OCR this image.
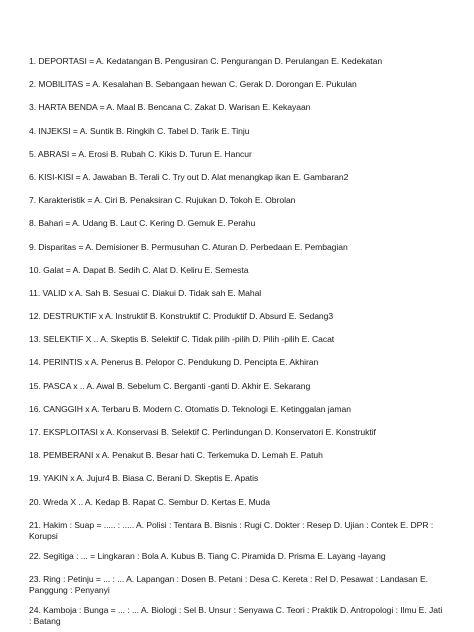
1. DEPORTASI = A. Kedatangan B. Pengusiran C. Pengurangan D. Perulangan E. Kedekatan
2. MOBILITAS = A. Kesalahan B. Sebangaan hewan C. Gerak D. Dorongan E. Pukulan
3. HARTA BENDA = A. Maal B. Bencana C. Zakat D. Warisan E. Kekayaan
4. INJEKSI = A. Suntik B. Ringkih C. Tabel D. Tarik E. Tinju
5. ABRASI = A. Erosi B. Rubah C. Kikis D. Turun E. Hancur
6. KISI-KISI = A. Jawaban B. Terali C. Try out D. Alat menangkap ikan E. Gambaran2
7. Karakteristik = A. Ciri B. Penaksiran C. Rujukan D. Tokoh E. Obrolan
8. Bahari = A. Udang B. Laut C. Kering D. Gemuk E. Perahu
9. Disparitas = A. Demisioner B. Permusuhan C. Aturan D. Perbedaan E. Pembagian
10. Galat = A. Dapat B. Sedih C. Alat D. Keliru E. Semesta
11. VALID x A. Sah B. Sesuai C. Diakui D. Tidak sah E. Mahal
12. DESTRUKTIF x A. Instruktif B. Konstruktif C. Produktif D. Absurd E. Sedang3
13. SELEKTIF X .. A. Skeptis B. Selektif C. Tidak pilih -pilih D. Pilih -pilih E. Cacat
14. PERINTIS x A. Penerus B. Pelopor C. Pendukung D. Pencipta E. Akhiran
15. PASCA x .. A. Awal B. Sebelum C. Berganti -ganti D. Akhir E. Sekarang
16. CANGGIH x A. Terbaru B. Modern C. Otomatis D. Teknologi E. Ketinggalan jaman
17. EKSPLOITASI x A. Konservasi B. Selektif C. Perlindungan D. Konservatori E. Konstruktif
18. PEMBERANI x A. Penakut B. Besar hati C. Terkemuka D. Lemah E. Patuh
19. YAKIN x A. Jujur4 B. Biasa C. Berani D. Skeptis E. Apatis
20. Wreda X .. A. Kedap B. Rapat C. Sembur D. Kertas E. Muda
21. Hakim : Suap = ..... : ..... A. Polisi : Tentara B. Bisnis : Rugi C. Dokter : Resep D. Ujian : Contek E. DPR : Korupsi
22. Segitiga : ... = Lingkaran : Bola A. Kubus B. Tiang C. Piramida D. Prisma E. Layang -layang
23. Ring : Petinju = ... : ... A. Lapangan : Dosen B. Petani : Desa C. Kereta : Rel D. Pesawat : Landasan E. Panggung : Penyanyi
24. Kamboja : Bunga = ... : ... A. Biologi : Sel B. Unsur : Senyawa C. Teori : Praktik D. Antropologi : Ilmu E. Jati : Batang
